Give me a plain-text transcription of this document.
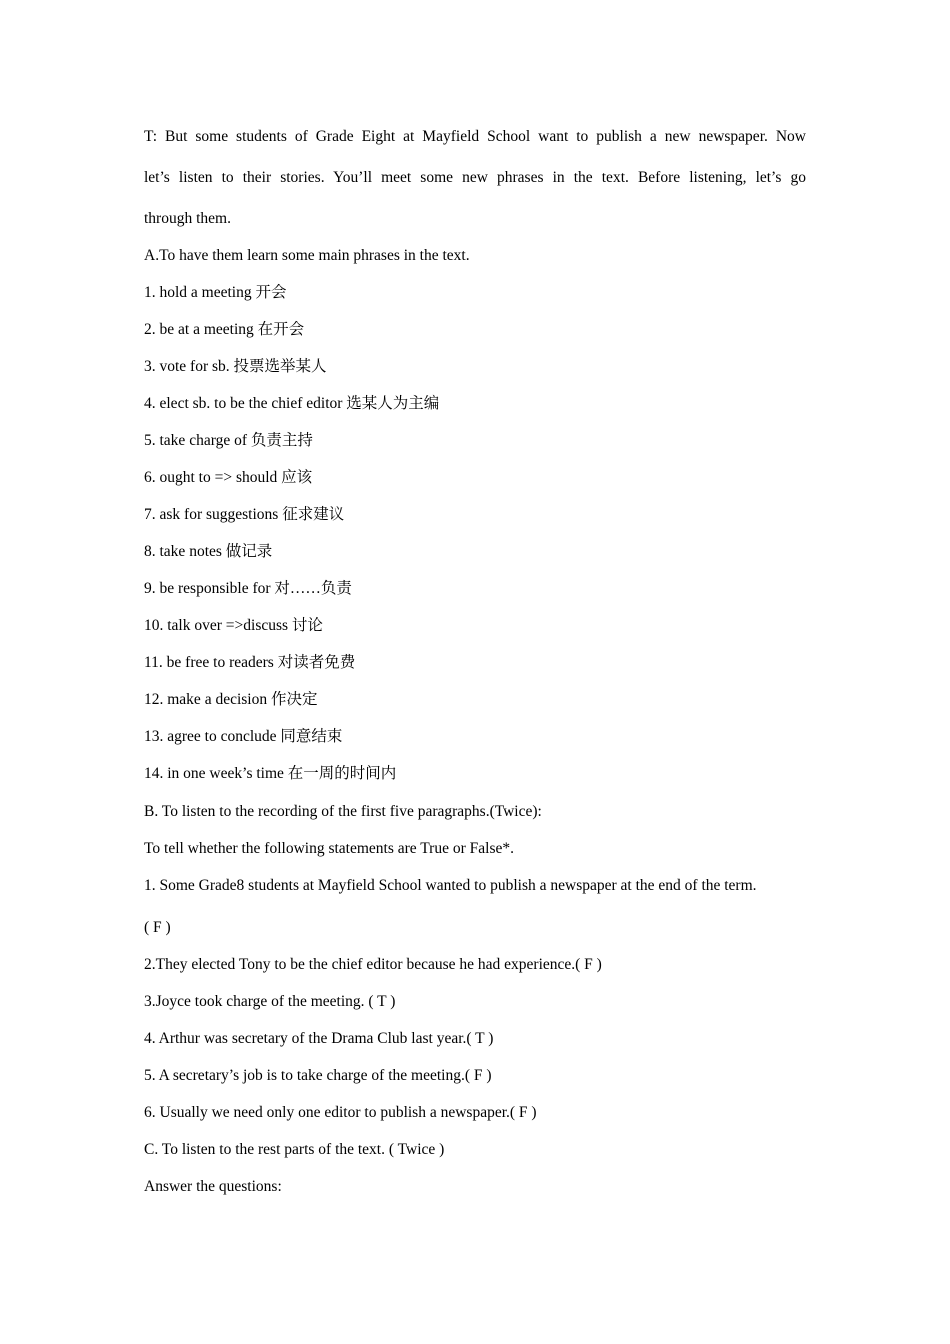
T: But some students of Grade Eight at Mayfield School want to publish a new newspaper. Now
let’s listen to their stories. You’ll meet some new phrases in the text. Before listening, let’s go
through them.
A.To have them learn some main phrases in the text.
1. hold a meeting 开会
2. be at a meeting 在开会
3. vote for sb. 投票选举某人
4. elect sb. to be the chief editor 选某人为主编
5. take charge of 负责主持
6. ought to => should 应该
7. ask for suggestions 征求建议
8. take notes 做记录
9. be responsible for 对……负责
10. talk over =>discuss 讨论
11. be free to readers 对读者免费
12. make a decision 作决定
13. agree to conclude 同意结束
14. in one week’s time 在一周的时间内
B. To listen to the recording of the first five paragraphs.(Twice):
To tell whether the following statements are True or False*.
1. Some Grade8 students at Mayfield School wanted to publish a newspaper at the end of the term.
( F )
2.They elected Tony to be the chief editor because he had experience.( F )
3.Joyce took charge of the meeting. ( T )
4. Arthur was secretary of the Drama Club last year.( T )
5. A secretary’s job is to take charge of the meeting.( F )
6. Usually we need only one editor to publish a newspaper.( F )
C. To listen to the rest parts of the text. ( Twice )
Answer the questions:
